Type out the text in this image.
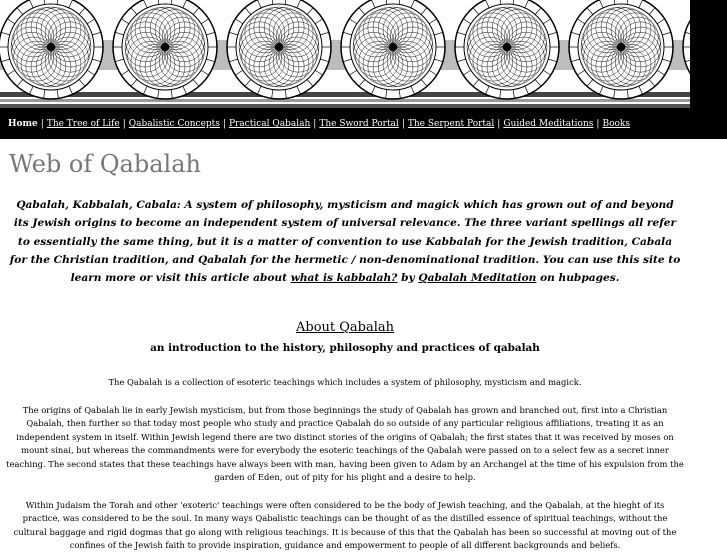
Home | The Tree of Life | Qabalistic Concepts | Practical Qabalah | The Sword Portal | The Serpent Portal | Guided Meditations | Books
Web of Qabalah

Qabalah, Kabbalah, Cabala: A system of philosophy, mysticism and magick which has grown out of and beyond its Jewish origins to become an independent system of universal relevance. The three variant spellings all refer to essentially the same thing, but it is a matter of convention to use Kabbalah for the Jewish tradition, Cabala for the Christian tradition, and Qabalah for the hermetic / non-denominational tradition. You can use this site to learn more or visit this article about what is kabbalah? by Qabalah Meditation on hubpages.

About Qabalah
an introduction to the history, philosophy and practices of qabalah

The Qabalah is a collection of esoteric teachings which includes a system of philosophy, mysticism and magick.

The origins of Qabalah lie in early Jewish mysticism, but from those beginnings the study of Qabalah has grown and branched out, first into a Christian Qabalah, then further so that today most people who study and practice Qabalah do so outside of any particular religious affiliations, treating it as an independent system in itself. Within Jewish legend there are two distinct stories of the origins of Qabalah; the first states that it was received by moses on mount sinai, but whereas the commandments were for everybody the esoteric teachings of the Qabalah were passed on to a select few as a secret inner teaching. The second states that these teachings have always been with man, having been given to Adam by an Archangel at the time of his expulsion from the garden of Eden, out of pity for his plight and a desire to help.

Within Judaism the Torah and other 'exoteric' teachings were often considered to be the body of Jewish teaching, and the Qabalah, at the hieght of its practice, was considered to be the soul. In many ways Qabalistic teachings can be thought of as the distilled essence of spiritual teachings, without the cultural baggage and rigid dogmas that go along with religious teachings. It is because of this that the Qabalah has been so successful at moving out of the confines of the Jewish faith to provide inspiration, guidance and empowerment to people of all different backgrounds and beliefs.
